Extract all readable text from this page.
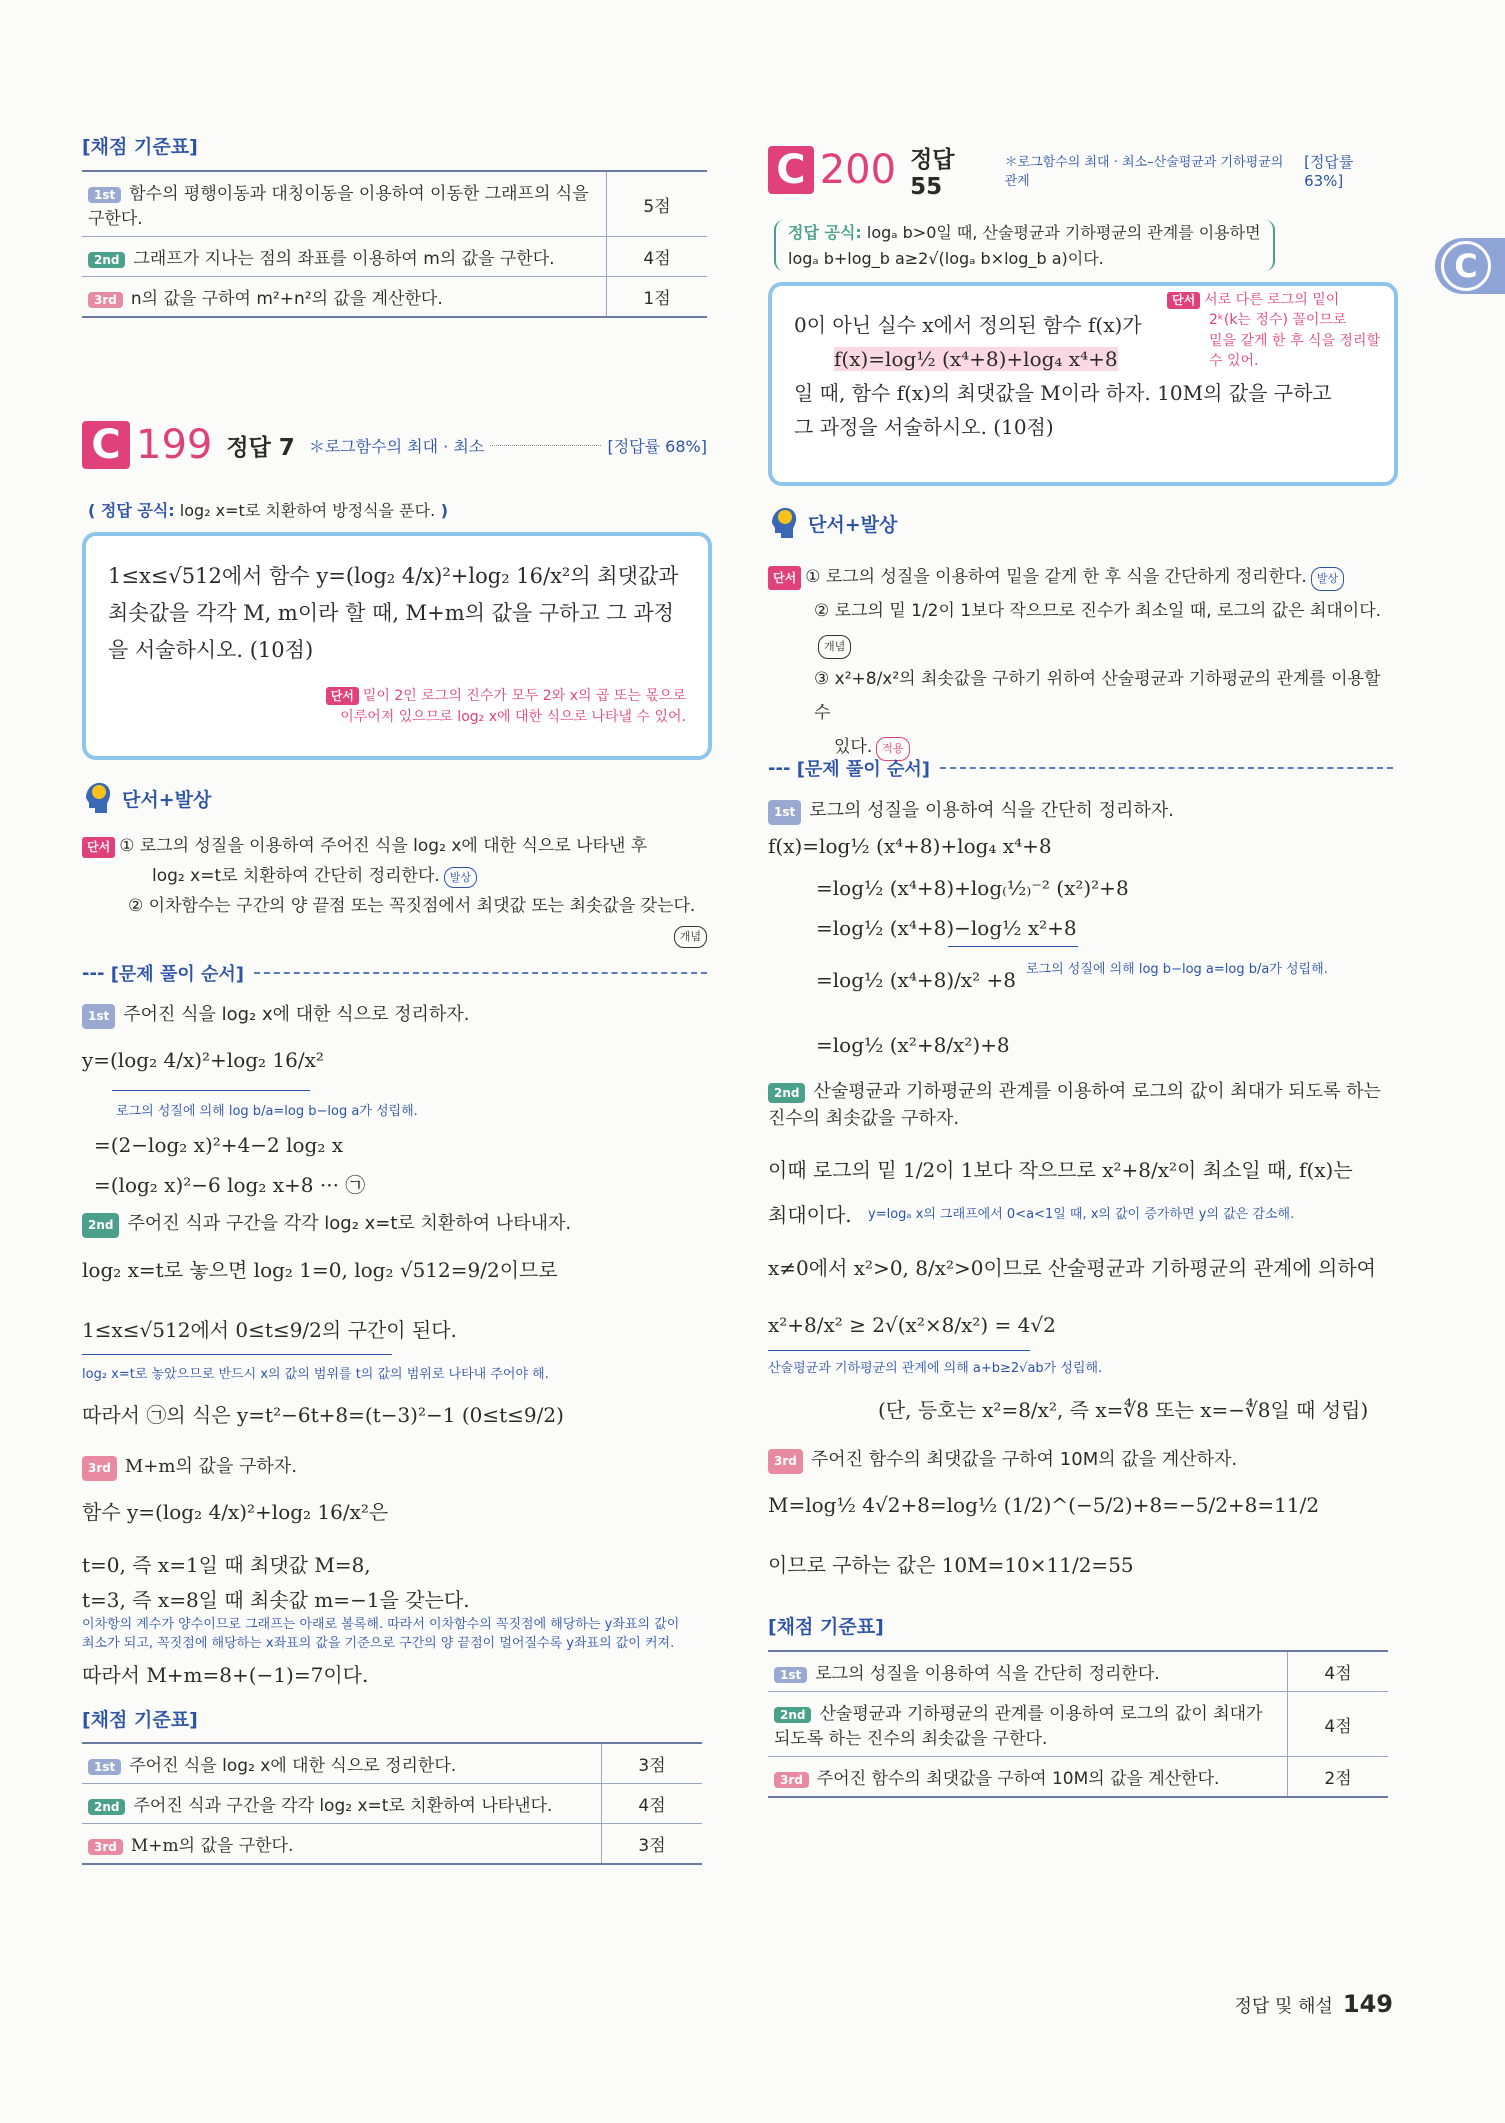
C
[채점 기준표]
1st 함수의 평행이동과 대칭이동을 이용하여 이동한 그래프의 식을 구한다.	5점
2nd 그래프가 지나는 점의 좌표를 이용하여 m의 값을 구한다.	4점
3rd n의 값을 구하여 m²+n²의 값을 계산한다.	1점
C 199 정답 7 ＊로그함수의 최대 · 최소	[정답률 68%]
( 정답 공식: log₂ x=t로 치환하여 방정식을 푼다. )
1≤x≤√512에서 함수 y=(log₂ 4/x)²+log₂ 16/x²의 최댓값과
최솟값을 각각 M, m이라 할 때, M+m의 값을 구하고 그 과정
을 서술하시오. (10점)
단서 밑이 2인 로그의 진수가 모두 2와 x의 곱 또는 몫으로
이루어져 있으므로 log₂ x에 대한 식으로 나타낼 수 있어.
단서+발상
단서 ① 로그의 성질을 이용하여 주어진 식을 log₂ x에 대한 식으로 나타낸 후
log₂ x=t로 치환하여 간단히 정리한다. 발상
② 이차함수는 구간의 양 끝점 또는 꼭짓점에서 최댓값 또는 최솟값을 갖는다.
개념
--- [문제 풀이 순서]
1st 주어진 식을 log₂ x에 대한 식으로 정리하자.
y=(log₂ 4/x)²+log₂ 16/x²
로그의 성질에 의해 log b/a=log b−log a가 성립해.
=(2−log₂ x)²+4−2 log₂ x
=(log₂ x)²−6 log₂ x+8 ··· ㉠
2nd 주어진 식과 구간을 각각 log₂ x=t로 치환하여 나타내자.
log₂ x=t로 놓으면 log₂ 1=0, log₂ √512=9/2이므로
1≤x≤√512에서 0≤t≤9/2의 구간이 된다.
log₂ x=t로 놓았으므로 반드시 x의 값의 범위를 t의 값의 범위로 나타내 주어야 해.
따라서 ㉠의 식은 y=t²−6t+8=(t−3)²−1 (0≤t≤9/2)
3rd M+m의 값을 구하자.
함수 y=(log₂ 4/x)²+log₂ 16/x²은
t=0, 즉 x=1일 때 최댓값 M=8,
t=3, 즉 x=8일 때 최솟값 m=−1을 갖는다.
이차항의 계수가 양수이므로 그래프는 아래로 볼록해. 따라서 이차함수의 꼭짓점에 해당하는 y좌표의 값이
최소가 되고, 꼭짓점에 해당하는 x좌표의 값을 기준으로 구간의 양 끝점이 멀어질수록 y좌표의 값이 커져.
따라서 M+m=8+(−1)=7이다.
[채점 기준표]
1st 주어진 식을 log₂ x에 대한 식으로 정리한다.	3점
2nd 주어진 식과 구간을 각각 log₂ x=t로 치환하여 나타낸다.	4점
3rd M+m의 값을 구한다.	3점
C 200 정답 55
＊로그함수의 최대 · 최소–산술평균과 기하평균의 관계
[정답률 63%]
정답 공식: logₐ b>0일 때, 산술평균과 기하평균의 관계를 이용하면
logₐ b+log_b a≥2√(logₐ b×log_b a)이다.
0이 아닌 실수 x에서 정의된 함수 f(x)가
f(x)=log½ (x⁴+8)+log₄ x⁴+8
일 때, 함수 f(x)의 최댓값을 M이라 하자. 10M의 값을 구하고
그 과정을 서술하시오. (10점)
단서 서로 다른 로그의 밑이
2ᵏ(k는 정수) 꼴이므로
밑을 같게 한 후 식을 정리할
수 있어.
단서+발상
단서 ① 로그의 성질을 이용하여 밑을 같게 한 후 식을 간단하게 정리한다. 발상
② 로그의 밑 1/2이 1보다 작으므로 진수가 최소일 때, 로그의 값은 최대이다.개념
③ x²+8/x²의 최솟값을 구하기 위하여 산술평균과 기하평균의 관계를 이용할 수
있다. 적용
--- [문제 풀이 순서]
1st 로그의 성질을 이용하여 식을 간단히 정리하자.
f(x)=log½ (x⁴+8)+log₄ x⁴+8
=log½ (x⁴+8)+log₍½₎⁻² (x²)²+8
=log½ (x⁴+8)−log½ x²+8
=log½ (x⁴+8)/x² +8 로그의 성질에 의해 log b−log a=log b/a가 성립해.
=log½ (x²+8/x²)+8
2nd 산술평균과 기하평균의 관계를 이용하여 로그의 값이 최대가 되도록 하는 진수의 최솟값을 구하자.
이때 로그의 밑 1/2이 1보다 작으므로 x²+8/x²이 최소일 때, f(x)는
최대이다. y=logₐ x의 그래프에서 0<a<1일 때, x의 값이 증가하면 y의 값은 감소해.
x≠0에서 x²>0, 8/x²>0이므로 산술평균과 기하평균의 관계에 의하여
x²+8/x² ≥ 2√(x²×8/x²) = 4√2
산술평균과 기하평균의 관계에 의해 a+b≥2√ab가 성립해.
(단, 등호는 x²=8/x², 즉 x=∜8 또는 x=−∜8일 때 성립)
3rd 주어진 함수의 최댓값을 구하여 10M의 값을 계산하자.
M=log½ 4√2+8=log½ (1/2)^(−5/2)+8=−5/2+8=11/2
이므로 구하는 값은 10M=10×11/2=55
[채점 기준표]
1st 로그의 성질을 이용하여 식을 간단히 정리한다.	4점
2nd 산술평균과 기하평균의 관계를 이용하여 로그의 값이 최대가 되도록 하는 진수의 최솟값을 구한다.	4점
3rd 주어진 함수의 최댓값을 구하여 10M의 값을 계산한다.	2점
정답 및 해설 149
